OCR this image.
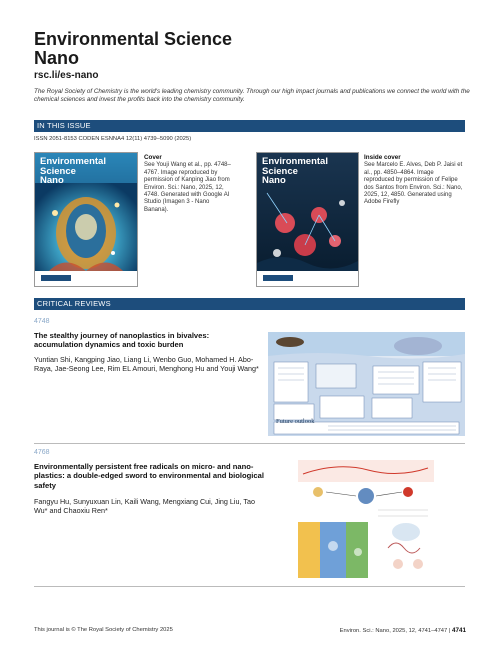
Environmental Science
Nano
rsc.li/es-nano
The Royal Society of Chemistry is the world's leading chemistry community. Through our high impact journals and publications we connect the world with the chemical sciences and invest the profits back into the chemistry community.
IN THIS ISSUE
ISSN 2051-8153 CODEN ESNNA4 12(11) 4739–5090 (2025)
Environmental
Science
Nano
Cover
See Youji Wang et al., pp. 4748–4767. Image reproduced by permission of Kanping Jiao from Environ. Sci.: Nano, 2025, 12, 4748. Generated with Google AI Studio (Imagen 3 - Nano Banana).
Environmental
Science
Nano
Inside cover
See Marcelo E. Alves, Deb P. Jaisi et al., pp. 4850–4864. Image reproduced by permission of Felipe dos Santos from Environ. Sci.: Nano, 2025, 12, 4850. Generated using Adobe Firefly
CRITICAL REVIEWS
4748
The stealthy journey of nanoplastics in bivalves: accumulation dynamics and toxic burden
Yuntian Shi, Kangping Jiao, Liang Li, Wenbo Guo, Mohamed H. Abo-Raya, Jae-Seong Lee, Rim EL Amouri, Menghong Hu and Youji Wang*
Future outlook
4768
Environmentally persistent free radicals on micro- and nano-plastics: a double-edged sword to environmental and biological safety
Fangyu Hu, Sunyuxuan Lin, Kaili Wang, Mengxiang Cui, Jing Liu, Tao Wu* and Chaoxiu Ren*
This journal is © The Royal Society of Chemistry 2025	Environ. Sci.: Nano, 2025, 12, 4741–4747 | 4741
